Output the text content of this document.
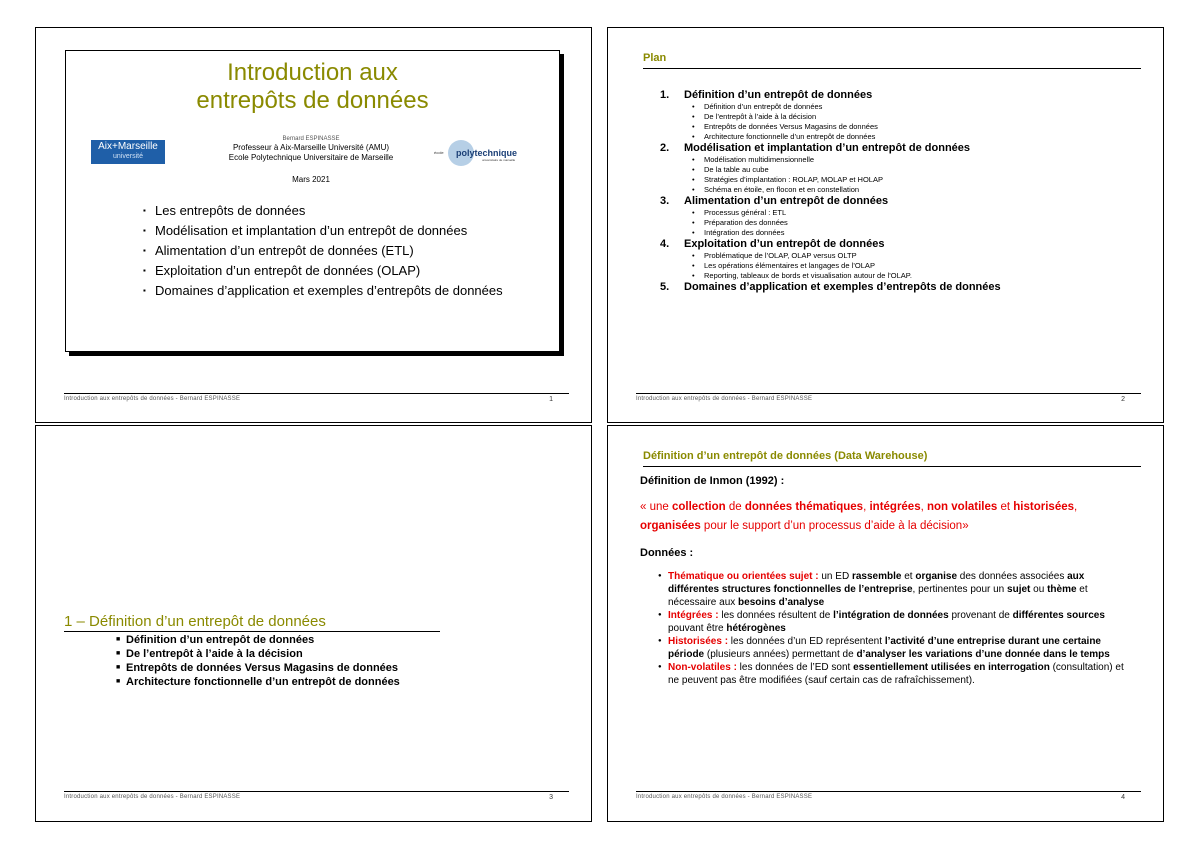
Introduction aux
entrepôts de données
Aix+Marseille
université
Bernard ESPINASSE
Professeur à Aix-Marseille Université (AMU)
Ecole Polytechnique Universitaire de Marseille
Mars 2021
école polytechnique
universitaire de marseille
▪ Les entrepôts de données
▪ Modélisation et implantation d’un entrepôt de données
▪ Alimentation d’un entrepôt de données (ETL)
▪ Exploitation d’un entrepôt de données (OLAP)
▪ Domaines d’application et exemples d’entrepôts de données
Introduction aux entrepôts de données - Bernard ESPINASSE	1
Plan
1. Définition d’un entrepôt de données
• Définition d’un entrepôt de données
• De l’entrepôt à l’aide à la décision
• Entrepôts de données Versus Magasins de données
• Architecture fonctionnelle d’un entrepôt de données
2. Modélisation et implantation d’un entrepôt de données
• Modélisation multidimensionnelle
• De la table au cube
• Stratégies d’implantation : ROLAP, MOLAP et HOLAP
• Schéma en étoile, en flocon et en constellation
3. Alimentation d’un entrepôt de données
• Processus général : ETL
• Préparation des données
• Intégration des données
4. Exploitation d’un entrepôt de données
• Problématique de l’OLAP, OLAP versus OLTP
• Les opérations élémentaires et langages de l’OLAP
• Reporting, tableaux de bords et visualisation autour de l’OLAP.
5. Domaines d’application et exemples d’entrepôts de données
Introduction aux entrepôts de données - Bernard ESPINASSE	2
1 – Définition d’un entrepôt de données
■ Définition d’un entrepôt de données
■ De l’entrepôt à l’aide à la décision
■ Entrepôts de données Versus Magasins de données
■ Architecture fonctionnelle d’un entrepôt de données
Introduction aux entrepôts de données - Bernard ESPINASSE	3
Définition d’un entrepôt de données (Data Warehouse)
Définition de Inmon (1992) :
« une collection de données thématiques, intégrées, non volatiles et historisées, organisées pour le support d’un processus d’aide à la décision»
Données :
● Thématique ou orientées sujet : un ED rassemble et organise des données associées aux différentes structures fonctionnelles de l’entreprise, pertinentes pour un sujet ou thème et nécessaire aux besoins d’analyse
● Intégrées : les données résultent de l’intégration de données provenant de différentes sources pouvant être hétérogènes
● Historisées : les données d’un ED représentent l’activité d’une entreprise durant une certaine période (plusieurs années) permettant de d’analyser les variations d’une donnée dans le temps
● Non-volatiles : les données de l’ED sont essentiellement utilisées en interrogation (consultation) et ne peuvent pas être modifiées (sauf certain cas de rafraîchissement).
Introduction aux entrepôts de données - Bernard ESPINASSE	4
